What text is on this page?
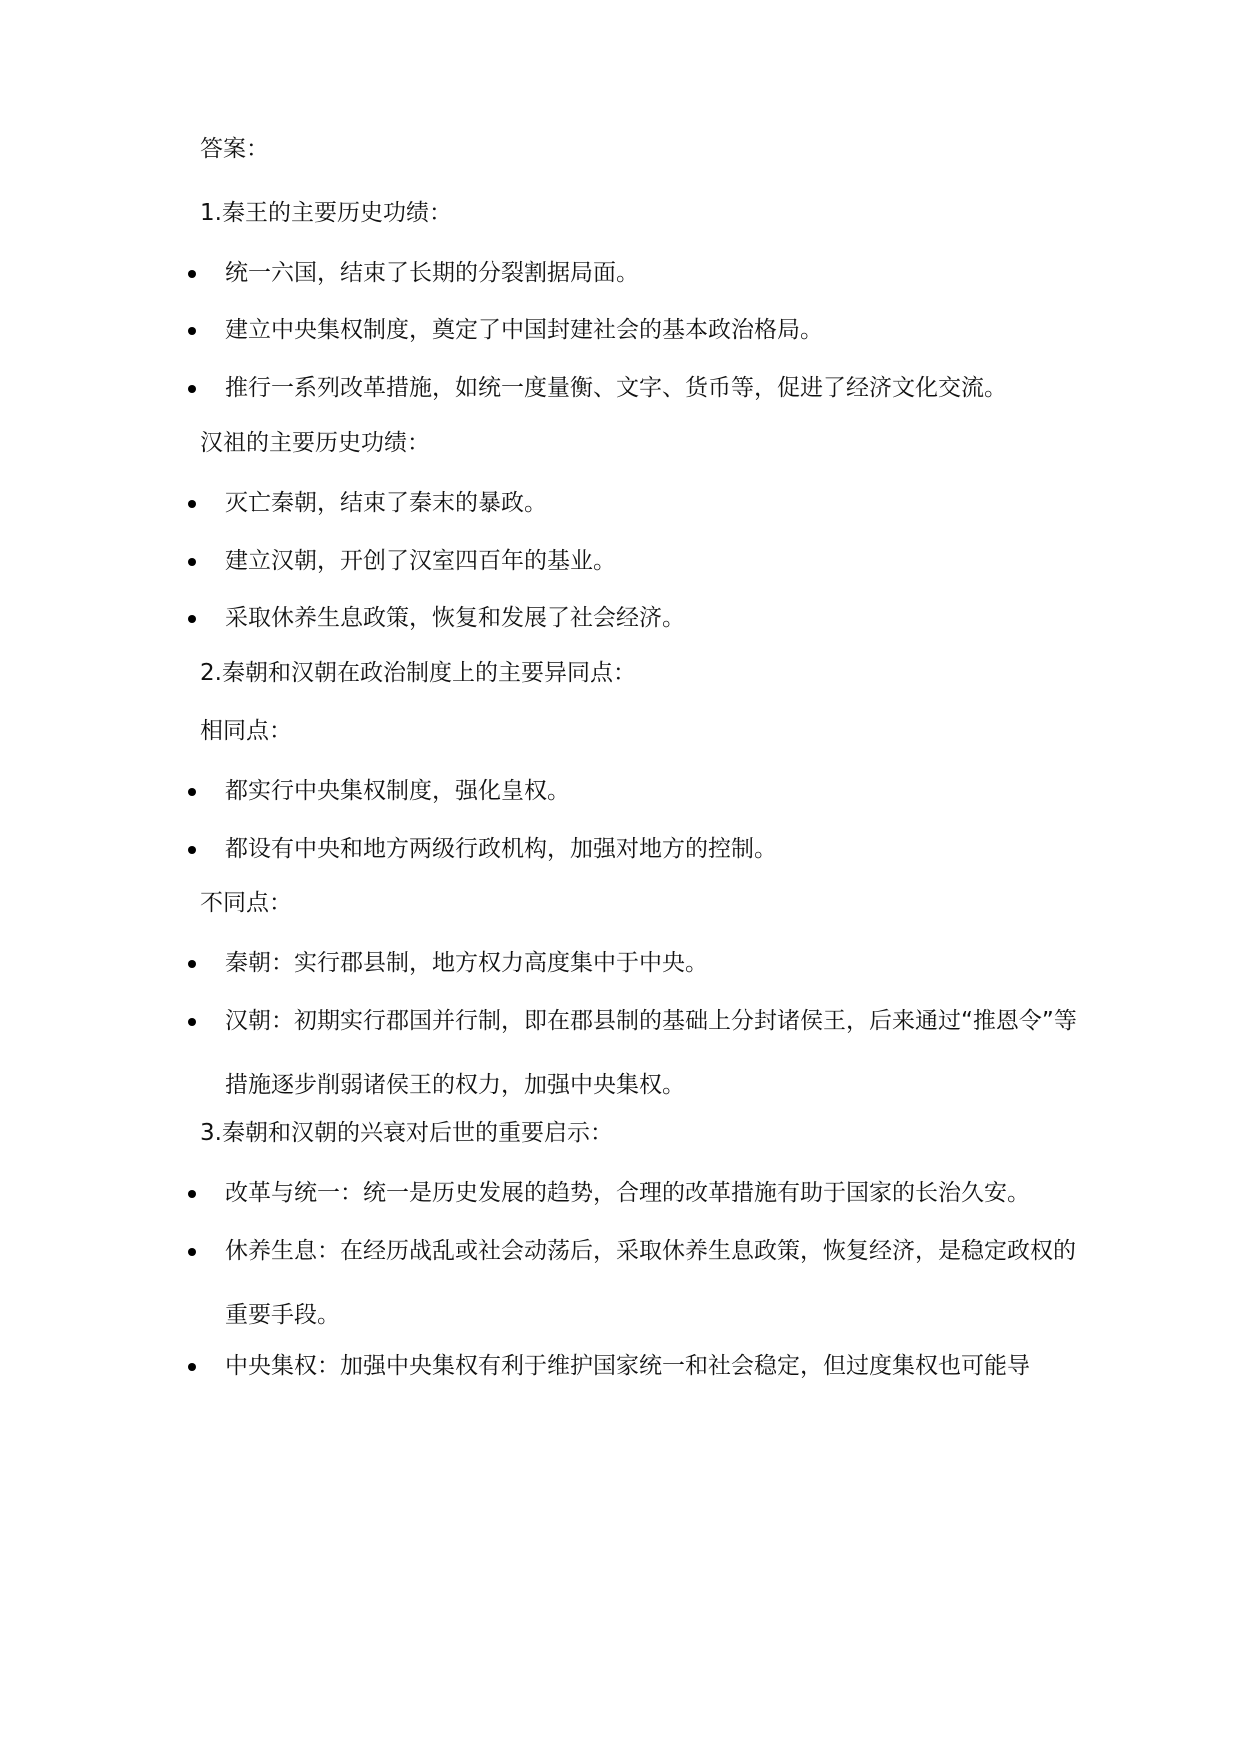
答案：
1.秦王的主要历史功绩：
统一六国，结束了长期的分裂割据局面。
建立中央集权制度，奠定了中国封建社会的基本政治格局。
推行一系列改革措施，如统一度量衡、文字、货币等，促进了经济文化交流。
汉祖的主要历史功绩：
灭亡秦朝，结束了秦末的暴政。
建立汉朝，开创了汉室四百年的基业。
采取休养生息政策，恢复和发展了社会经济。
2.秦朝和汉朝在政治制度上的主要异同点：
相同点：
都实行中央集权制度，强化皇权。
都设有中央和地方两级行政机构，加强对地方的控制。
不同点：
秦朝：实行郡县制，地方权力高度集中于中央。
汉朝：初期实行郡国并行制，即在郡县制的基础上分封诸侯王，后来通过“推恩令”等措施逐步削弱诸侯王的权力，加强中央集权。
3.秦朝和汉朝的兴衰对后世的重要启示：
改革与统一：统一是历史发展的趋势，合理的改革措施有助于国家的长治久安。
休养生息：在经历战乱或社会动荡后，采取休养生息政策，恢复经济，是稳定政权的重要手段。
中央集权：加强中央集权有利于维护国家统一和社会稳定，但过度集权也可能导
